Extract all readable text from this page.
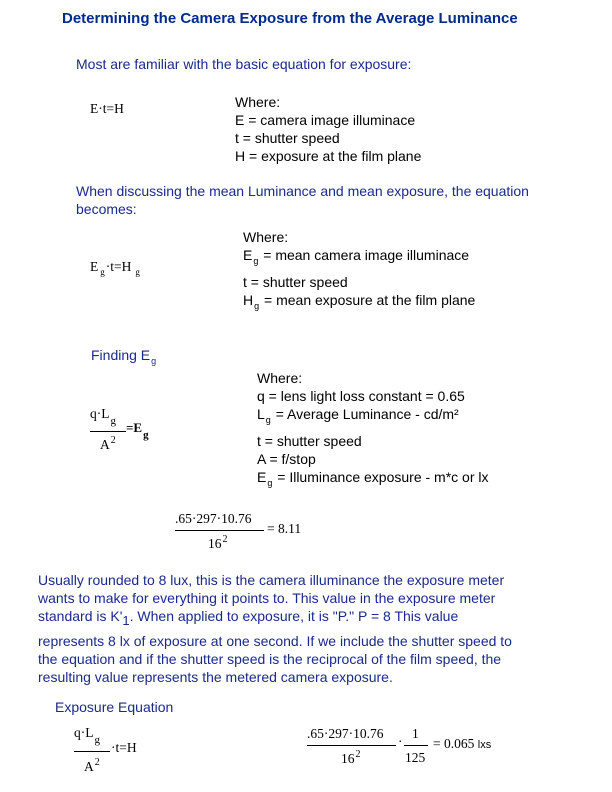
Determining the Camera Exposure from the Average Luminance
Most are familiar with the basic equation for exposure:
E·t=H	Where:
E = camera image illuminace
t = shutter speed
H = exposure at the film plane
When discussing the mean Luminance and mean exposure, the equation
becomes:
E $_g$·t=H $_g$
Where:
$E_g$ = mean camera image illuminace
t = shutter speed
$H_g$ = mean exposure at the film plane
Finding $E_g$
$q\cdot L_g$
$A^2$
$=E_g$
Where:
q = lens light loss constant = 0.65
$L_g$ = Average Luminance - cd/m²
t = shutter speed
A = f/stop
$E_g$ = Illuminance exposure - m*c or lx
.65·297·10.76
$16^2$
= 8.11
Usually rounded to 8 lux, this is the camera illuminance the exposure meter
wants to make for everything it points to. This value in the exposure meter
standard is K'1. When applied to exposure, it is "P." P = 8 This value
represents 8 lx of exposure at one second. If we include the shutter speed to
the equation and if the shutter speed is the reciprocal of the film speed, the
resulting value represents the metered camera exposure.
Exposure Equation
$q\cdot L_g$
$A^2$
·t=H
.65·297·10.76
$16^2$
·
1
125
= 0.065 lxs
